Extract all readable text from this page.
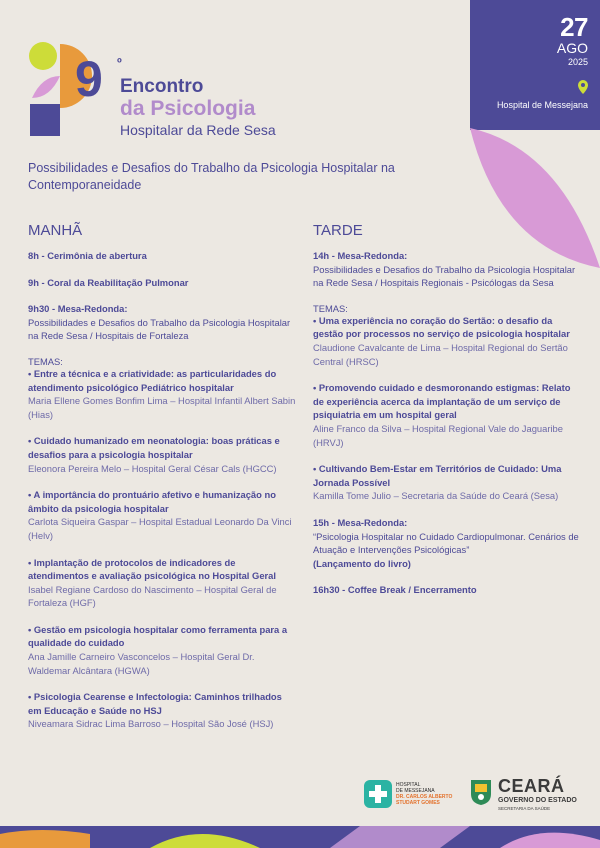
9 º
Encontro
da Psicologia
Hospitalar da Rede Sesa
27
AGO
2025
Hospital de Messejana
Possibilidades e Desafios do Trabalho da Psicologia Hospitalar na Contemporaneidade
MANHÃ
8h - Cerimônia de abertura
9h - Coral da Reabilitação Pulmonar
9h30 - Mesa-Redonda:
Possibilidades e Desafios do Trabalho da Psicologia Hospitalar na Rede Sesa / Hospitais de Fortaleza
TEMAS:
• Entre a técnica e a criatividade: as particularidades do atendimento psicológico Pediátrico hospitalar
Maria Ellene Gomes Bonfim Lima – Hospital Infantil Albert Sabin (Hias)
• Cuidado humanizado em neonatologia: boas práticas e desafios para a psicologia hospitalar
Eleonora Pereira Melo – Hospital Geral César Cals (HGCC)
• A importância do prontuário afetivo e humanização no âmbito da psicologia hospitalar
Carlota Siqueira Gaspar – Hospital Estadual Leonardo Da Vinci (Helv)
• Implantação de protocolos de indicadores de atendimentos e avaliação psicológica no Hospital Geral
Isabel Regiane Cardoso do Nascimento – Hospital Geral de Fortaleza (HGF)
• Gestão em psicologia hospitalar como ferramenta para a qualidade do cuidado
Ana Jamille Carneiro Vasconcelos – Hospital Geral Dr. Waldemar Alcântara (HGWA)
• Psicologia Cearense e Infectologia: Caminhos trilhados em Educação e Saúde no HSJ
Niveamara Sidrac Lima Barroso – Hospital São José (HSJ)
TARDE
14h - Mesa-Redonda:
Possibilidades e Desafios do Trabalho da Psicologia Hospitalar na Rede Sesa / Hospitais Regionais - Psicólogas da Sesa
TEMAS:
• Uma experiência no coração do Sertão: o desafio da gestão por processos no serviço de psicologia hospitalar
Claudione Cavalcante de Lima – Hospital Regional do Sertão Central (HRSC)
• Promovendo cuidado e desmoronando estigmas: Relato de experiência acerca da implantação de um serviço de psiquiatria em um hospital geral
Aline Franco da Silva – Hospital Regional Vale do Jaguaribe (HRVJ)
• Cultivando Bem-Estar em Territórios de Cuidado: Uma Jornada Possível
Kamilla Tome Julio – Secretaria da Saúde do Ceará (Sesa)
15h - Mesa-Redonda:
“Psicologia Hospitalar no Cuidado Cardiopulmonar. Cenários de Atuação e Intervenções Psicológicas”
(Lançamento do livro)
16h30 - Coffee Break / Encerramento
HOSPITAL
DE MESSEJANA
DR. CARLOS ALBERTO
STUDART GOMES
CEARÁ
GOVERNO DO ESTADO
SECRETARIA DA SAÚDE
